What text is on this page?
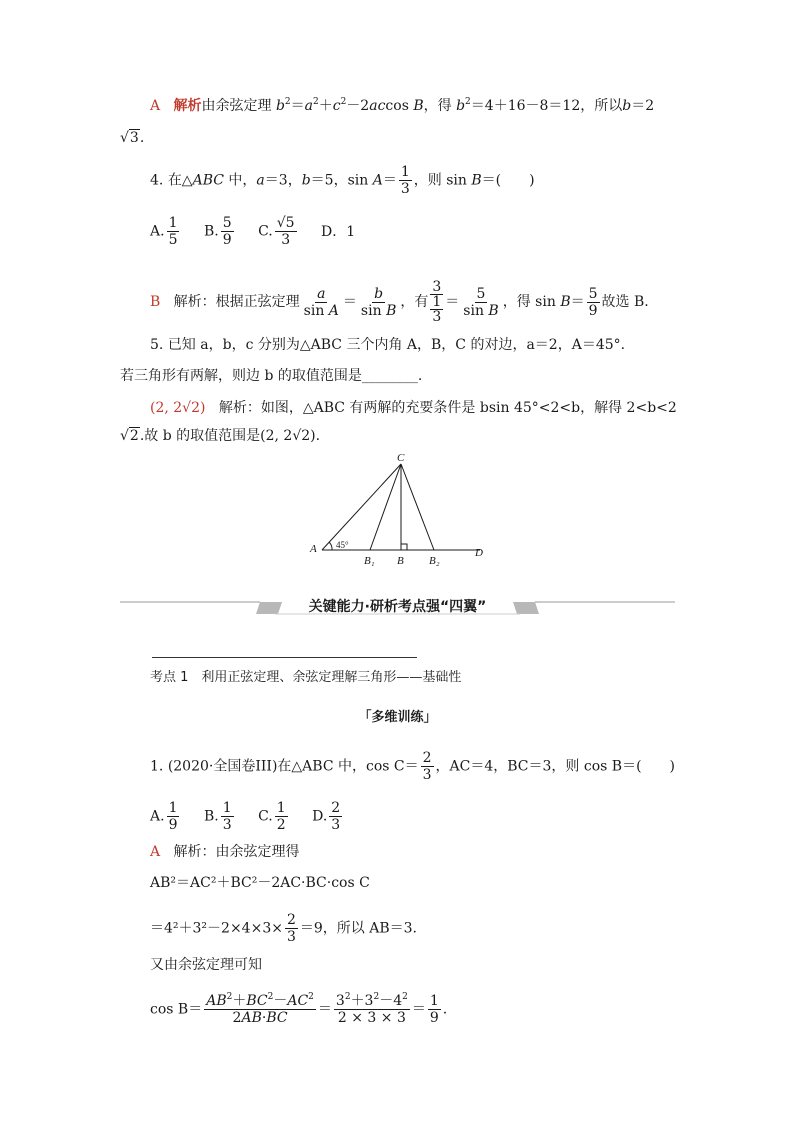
A 解析由余弦定理 $b^2=a^2+c^2-2accos$ B，得 $b^2=4+16-8=12$，所以b＝2
√3.
4. 在△ABC 中，a＝3，b＝5，$\sin A= \frac{1}{3}$ ，则 sin B＝(　　)
A. $\frac{1}{5} B$. $\frac{5}{9} C$. $\frac{√5}{3}$ D．1
B 解析：根据正弦定理 $\frac{a}{\text{sin A}} = \frac{b}{\text{sin B}}$ ，有
3
1
3
＝ $\frac{5}{\text{sin B}}$ ，得 $\sin B= \frac{5}{9}$ 故选 B.
5. 已知 a，b，c 分别为△ABC 三个内角 A，B，C 的对边，a＝2，A＝45°.
若三角形有两解，则边 b 的取值范围是________.
(2, 2√2) 解析：如图，△ABC 有两解的充要条件是 bsin 45°<2<b，解得 2<b<2
√2.故 b 的取值范围是(2, 2√2).
C
A 45°
B₁ B B₂
D
关键能力·研析考点强“四翼”
考点 1　利用正弦定理、余弦定理解三角形——基础性
「多维训练」
1. (2020·全国卷III)在△ABC 中，$\cos C= \frac{2}{3}$ ，AC＝4，BC＝3，则 cos B＝(　　)
A. $\frac{1}{9} B$. $\frac{1}{3} C$. $\frac{1}{2} D$. $\frac{2}{3}$
A 解析：由余弦定理得
AB²＝AC²＋BC²－2AC·BC·cos C
$=4^2+3^2-2\times 4\times 3\times \frac{2}{3} =9$，所以 AB＝3.
又由余弦定理可知
$\cos B= \frac{AB^2+BC^2-AC^2}{2AB\cdot BC} = \frac{3^2+3^2-4^2}{2 \times 3 \times 3} = \frac{1}{9}$ .
